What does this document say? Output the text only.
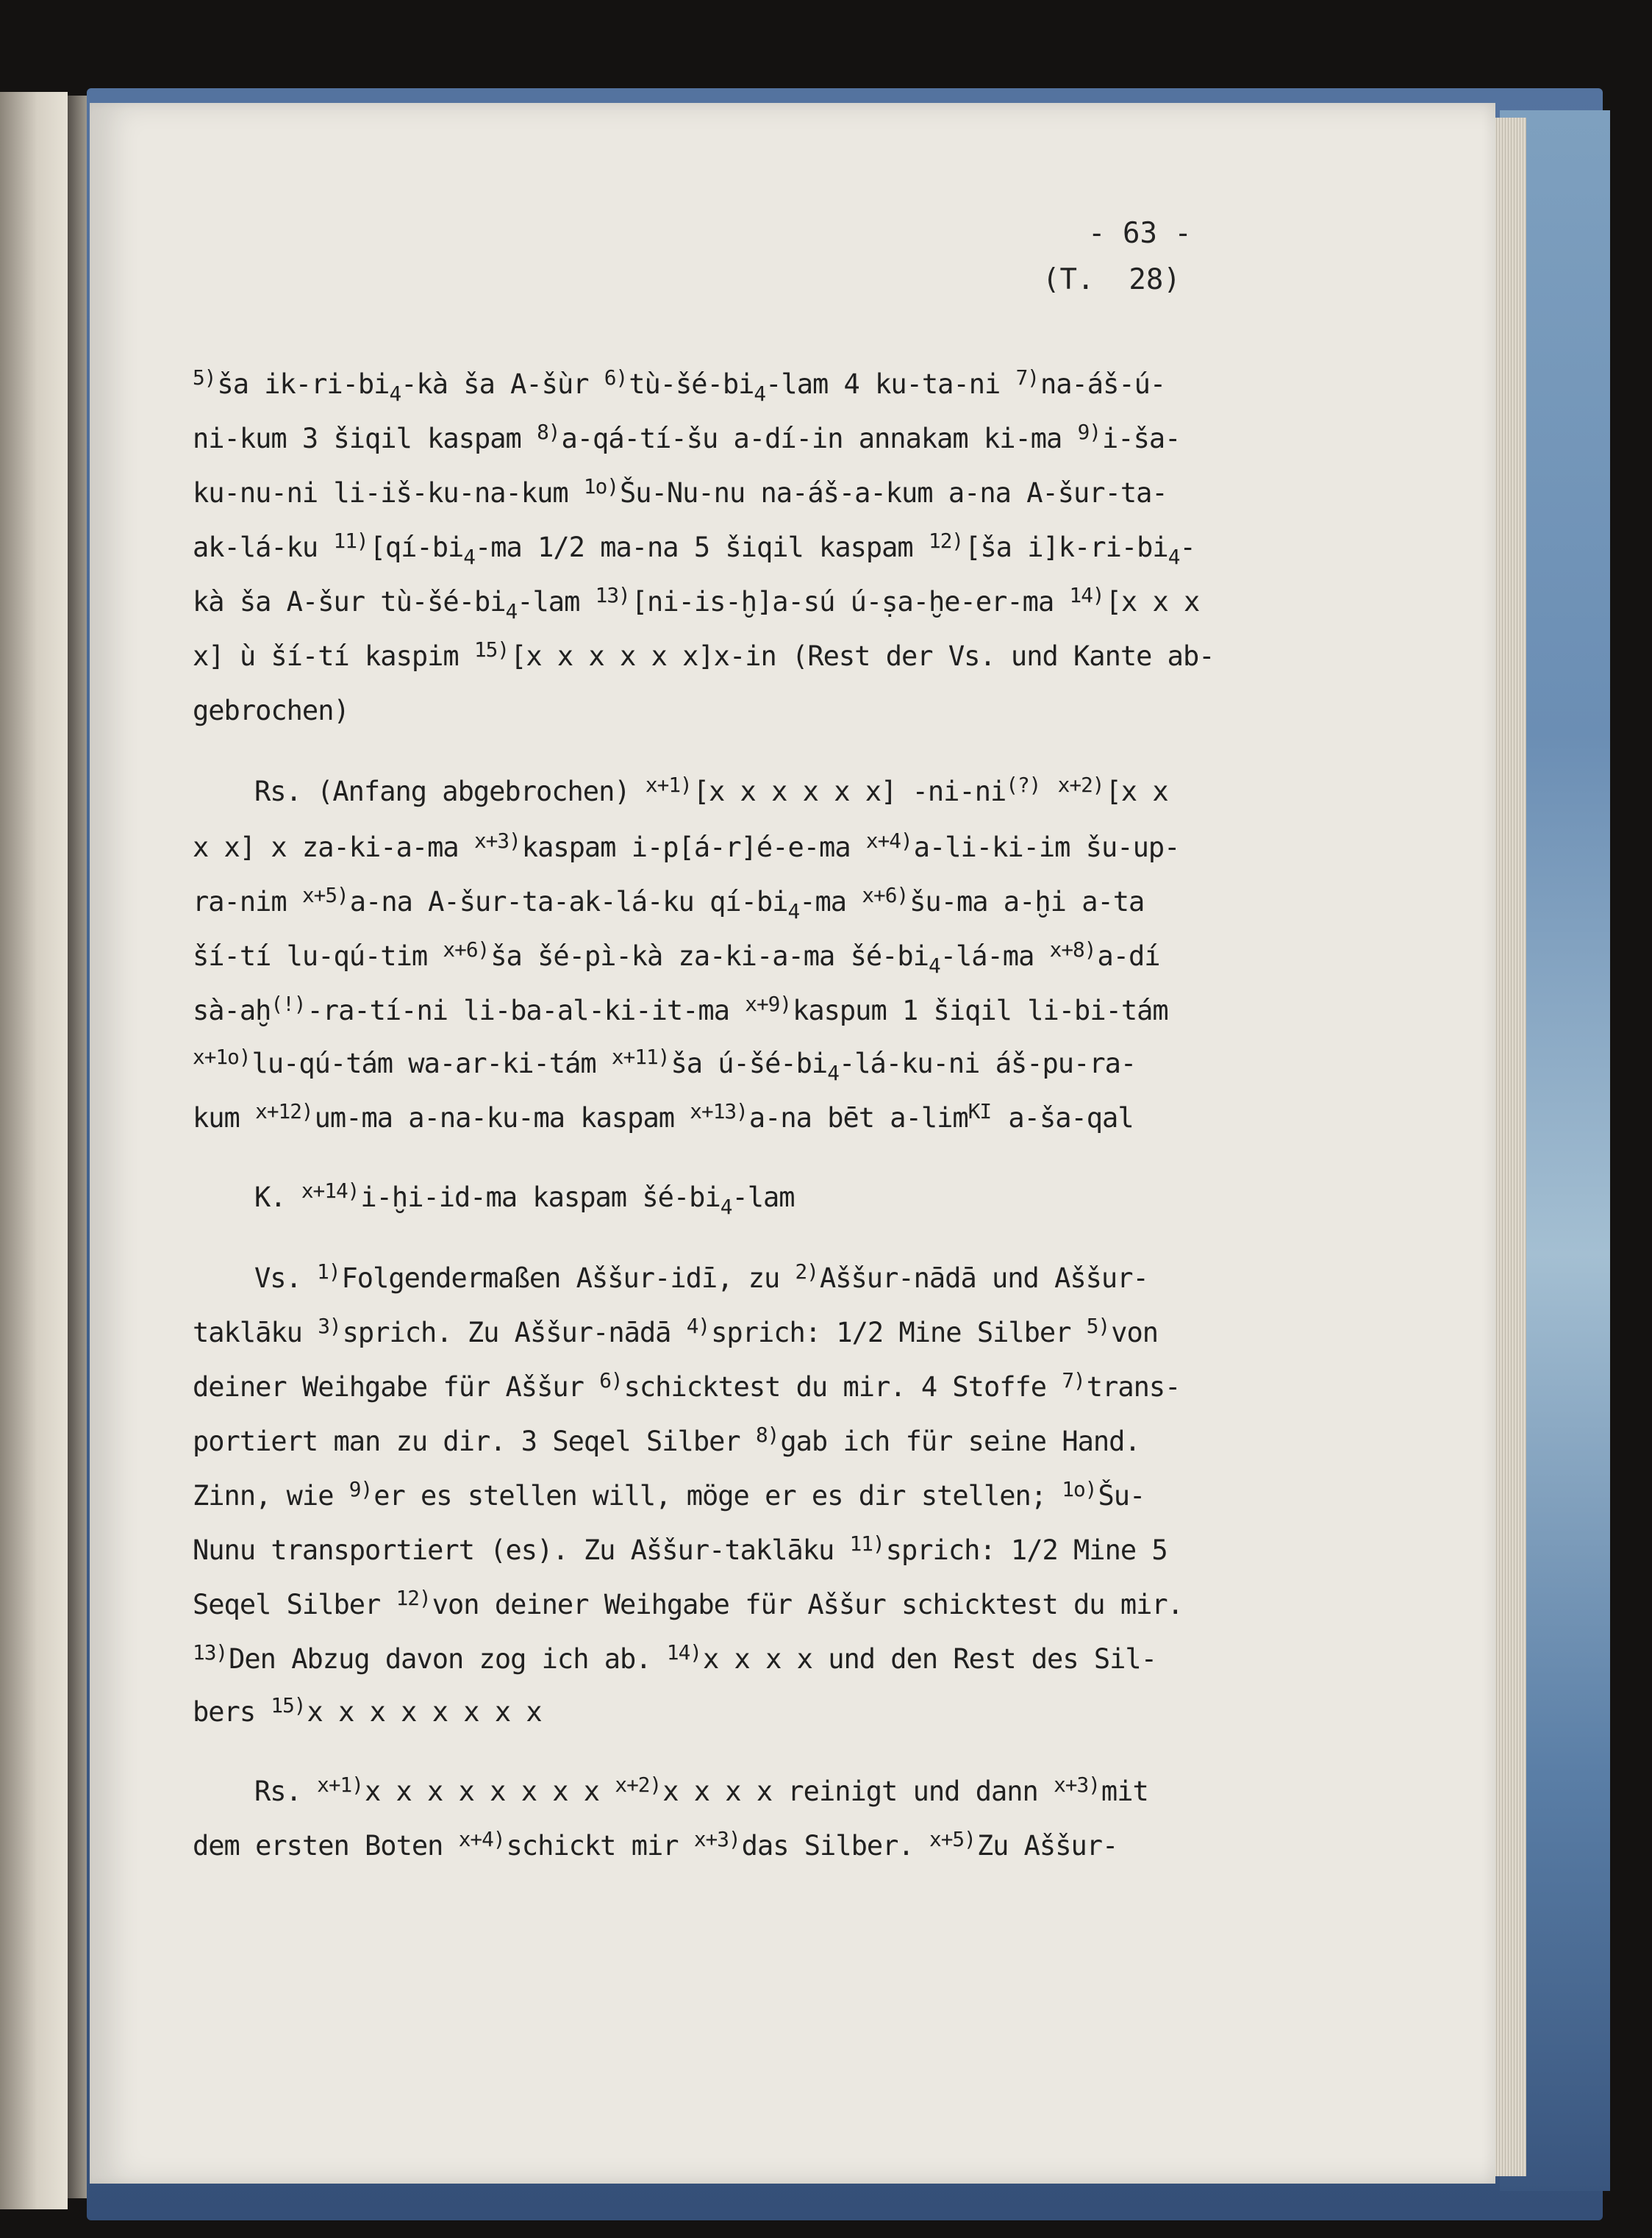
- 63 -
(T.  28)
$^{5)}$ša $ik-ri-bi_4-kà$ ša A-šùr $^{6)}tù-šé-bi_4$-lam 4 ku-ta-ni $^{7)}$na-áš-ú-
ni-kum 3 šiqil kaspam $^{8)}$a-qá-tí-šu a-dí-in annakam ki-ma $^{9)}$i-ša-
ku-nu-ni li-iš-ku-na-kum $^{1o)}$Šu-Nu-nu na-áš-a-kum a-na A-šur-ta-
ak-lá-ku $^{11)}[qí-bi_4-ma$ 1/2 ma-na 5 šiqil kaspam $^{12)}$[ša $i]k-ri-bi_4-$
kà ša A-šur $tù-šé-bi_4$-lam $^{13)}$[ni-is-ḫ]a-sú ú-ṣa-ḫe-er-ma $^{14)}$[x x x
x] ù ší-tí kaspim $^{15)}$[x x x x x x]x-in (Rest der Vs. und Kante ab-
gebrochen)
Rs. (Anfang abgebrochen) $^{x+1)}$[x x x x x x] -ni-ni(?) $^{x+2)}$[x x
x x] x za-ki-a-ma $^{x+3)}$kaspam i-p[á-r]é-e-ma $^{x+4)}$a-li-ki-im šu-up-
ra-nim $^{x+5)}$a-na A-šur-ta-ak-lá-ku $qí-bi_4-ma$ $^{x+6)}$šu-ma a-ḫi a-ta
ší-tí lu-qú-tim $^{x+6)}$ša šé-pì-kà za-ki-a-ma $šé-bi_4-lá-ma$ $^{x+8)}$a-dí
sà-aḫ(!)-ra-tí-ni li-ba-al-ki-it-ma $^{x+9)}$kaspum 1 šiqil li-bi-tám
$^{x+1o)}$lu-qú-tám wa-ar-ki-tám $^{x+11)}$ša $ú-šé-bi_4-lá-ku-ni$ áš-pu-ra-
kum $^{x+12)}$um-ma a-na-ku-ma kaspam $^{x+13)}$a-na bēt $a-\lim^{KI}$ a-ša-qal
K. $^{x+14)}$i-ḫi-id-ma kaspam $šé-bi_4$-lam
Vs. $^{1)}$Folgendermaßen Aššur-idī, zu $^{2)}$Aššur-nādā und Aššur-
taklāku $^{3)}$sprich. Zu Aššur-nādā $^{4)}$sprich: 1/2 Mine Silber $^{5)}$von
deiner Weihgabe für Aššur $^{6)}$schicktest du mir. 4 Stoffe $^{7)}$trans-
portiert man zu dir. 3 Seqel Silber $^{8)}$gab ich für seine Hand.
Zinn, wie $^{9)}$er es stellen will, möge er es dir stellen; $^{1o)}$Šu-
Nunu transportiert (es). Zu Aššur-taklāku $^{11)}$sprich: 1/2 Mine 5
Seqel Silber $^{12)}$von deiner Weihgabe für Aššur schicktest du mir.
$^{13)}$Den Abzug davon zog ich ab. $^{14)}$x x x x und den Rest des Sil-
bers $^{15)}$x x x x x x x x
Rs. $^{x+1)}$x x x x x x x x $^{x+2)}$x x x x reinigt und dann $^{x+3)}$mit
dem ersten Boten $^{x+4)}$schickt mir $^{x+3)}$das Silber. $^{x+5)}$Zu Aššur-
